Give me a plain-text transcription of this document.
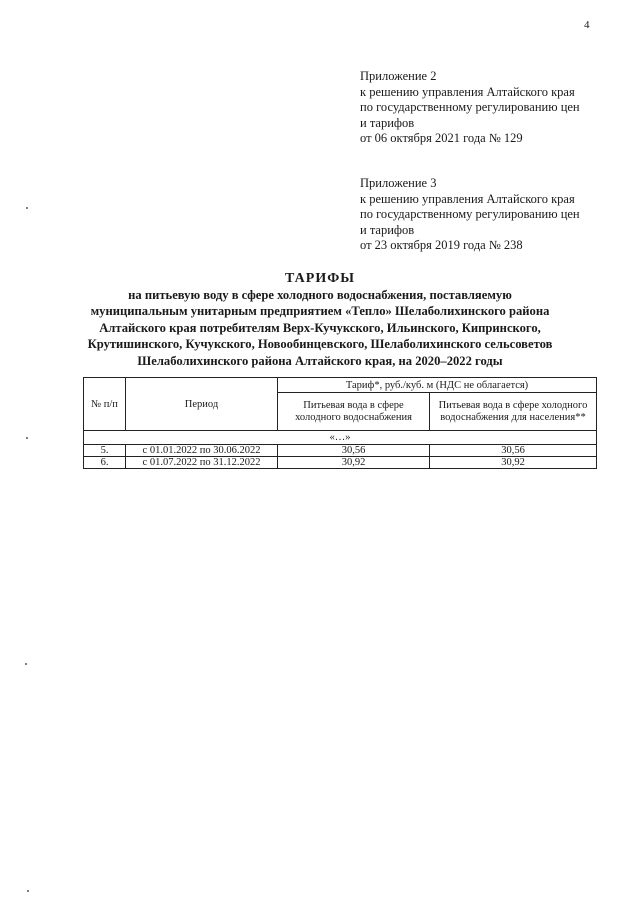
4
Приложение 2
к решению управления Алтайского края
по государственному регулированию цен
и тарифов
от 06 октября 2021 года № 129
Приложение 3
к решению управления Алтайского края
по государственному регулированию цен
и тарифов
от 23 октября 2019 года № 238
ТАРИФЫ
на питьевую воду в сфере холодного водоснабжения, поставляемую
муниципальным унитарным предприятием «Тепло» Шелаболихинского района
Алтайского края потребителям Верх-Кучукского, Ильинского, Кипринского,
Крутишинского, Кучукского, Новообинцевского, Шелаболихинского сельсоветов
Шелаболихинского района Алтайского края, на 2020–2022 годы
№ п/п	Период	Тариф*, руб./куб. м (НДС не облагается)	
		Питьевая вода в сфере холодного водоснабжения	Питьевая вода в сфере холодного водоснабжения для населения**
«…»			
5.	с 01.01.2022 по 30.06.2022	30,56	30,56
6.	с 01.07.2022 по 31.12.2022	30,92	30,92
